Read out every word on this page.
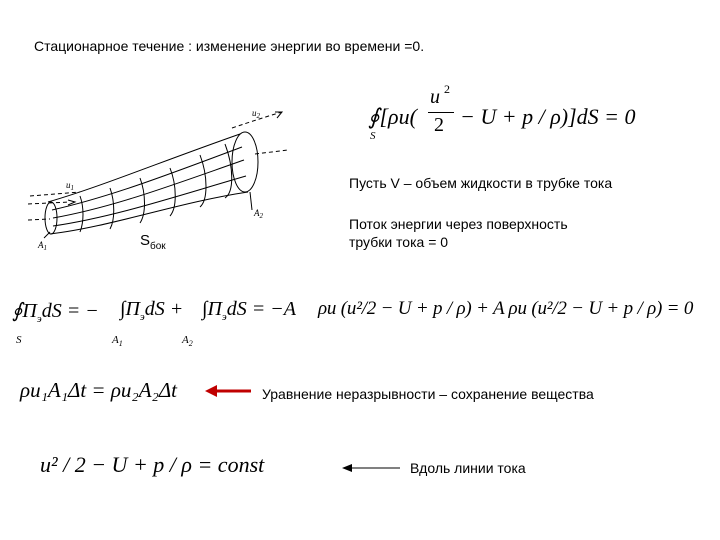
Стационарное течение : изменение энергии во времени =0.
$u_2$
$u_1$
$A_1$
$A_2$
$S_{бок}$
∮[ρu(
u 2
2 − U + p / ρ)]dS = 0
S
Пусть V – объем жидкости в трубке тока
Поток энергии через поверхность
трубки тока = 0
$∮\Pi_эdS$ = − $\int\Pi_эdS + \int\Pi_эdS = -A$ ρu (u²/2 − U + p / ρ) + A ρu (u²/2 − U + p / ρ) = 0
S	$A_1$	$A_2$
ρu₁A₁Δt = ρu₂A₂Δt	Уравнение неразрывности – сохранение вещества
u² / 2 − U + p / ρ = const	Вдоль линии тока
